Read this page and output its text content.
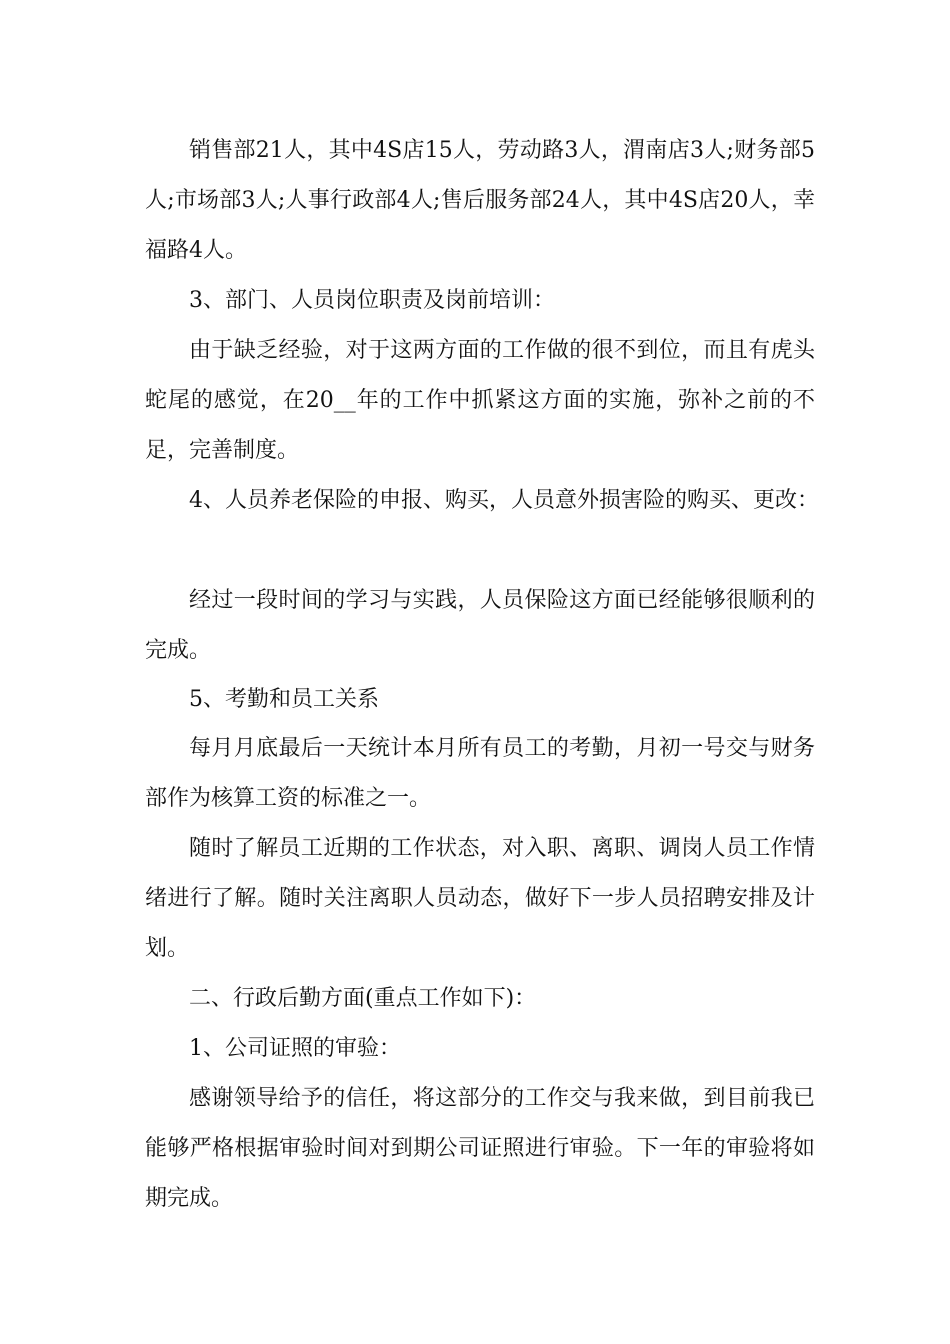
销售部21人，其中4S店15人，劳动路3人，渭南店3人;财务部5人;市场部3人;人事行政部4人;售后服务部24人，其中4S店20人，幸福路4人。

3、部门、人员岗位职责及岗前培训：

由于缺乏经验，对于这两方面的工作做的很不到位，而且有虎头蛇尾的感觉，在20__年的工作中抓紧这方面的实施，弥补之前的不足，完善制度。

4、人员养老保险的申报、购买，人员意外损害险的购买、更改：

经过一段时间的学习与实践，人员保险这方面已经能够很顺利的完成。

5、考勤和员工关系

每月月底最后一天统计本月所有员工的考勤，月初一号交与财务部作为核算工资的标准之一。

随时了解员工近期的工作状态，对入职、离职、调岗人员工作情绪进行了解。随时关注离职人员动态，做好下一步人员招聘安排及计划。

二、行政后勤方面(重点工作如下)：

1、公司证照的审验：

感谢领导给予的信任，将这部分的工作交与我来做，到目前我已能够严格根据审验时间对到期公司证照进行审验。下一年的审验将如期完成。
